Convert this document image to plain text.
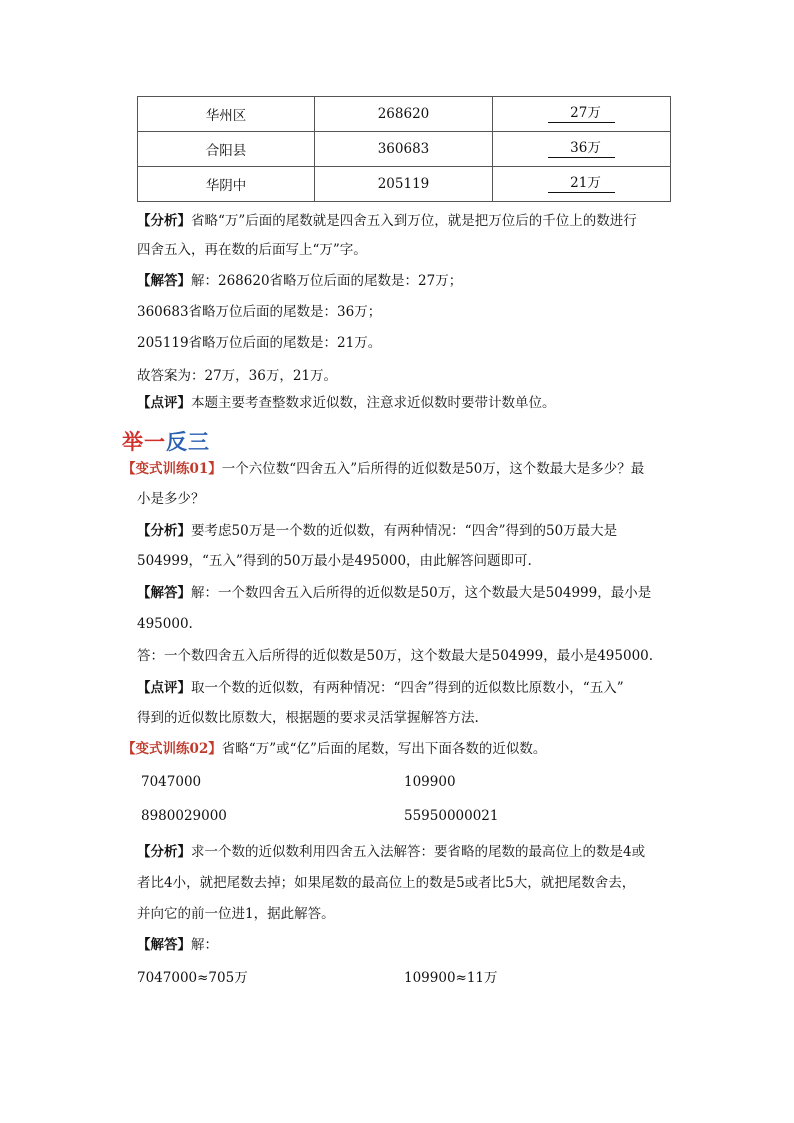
华州区	268620	27万
合阳县	360683	36万
华阴中	205119	21万
【分析】省略“万”后面的尾数就是四舍五入到万位，就是把万位后的千位上的数进行
四舍五入，再在数的后面写上“万”字。
【解答】解：268620省略万位后面的尾数是：27万；
360683省略万位后面的尾数是：36万；
205119省略万位后面的尾数是：21万。
故答案为：27万，36万，21万。
【点评】本题主要考查整数求近似数，注意求近似数时要带计数单位。
举一反三
【变式训练01】一个六位数“四舍五入”后所得的近似数是50万，这个数最大是多少？最
小是多少？
【分析】要考虑50万是一个数的近似数，有两种情况：“四舍”得到的50万最大是
504999，“五入”得到的50万最小是495000，由此解答问题即可.
【解答】解：一个数四舍五入后所得的近似数是50万，这个数最大是504999，最小是
495000.
答：一个数四舍五入后所得的近似数是50万，这个数最大是504999，最小是495000.
【点评】取一个数的近似数，有两种情况：“四舍”得到的近似数比原数小，“五入”
得到的近似数比原数大，根据题的要求灵活掌握解答方法.
【变式训练02】省略“万”或“亿”后面的尾数，写出下面各数的近似数。
7047000	109900
8980029000	55950000021
【分析】求一个数的近似数利用四舍五入法解答：要省略的尾数的最高位上的数是4或
者比4小，就把尾数去掉；如果尾数的最高位上的数是5或者比5大，就把尾数舍去，
并向它的前一位进1，据此解答。
【解答】解：
7047000≈705万	109900≈11万
